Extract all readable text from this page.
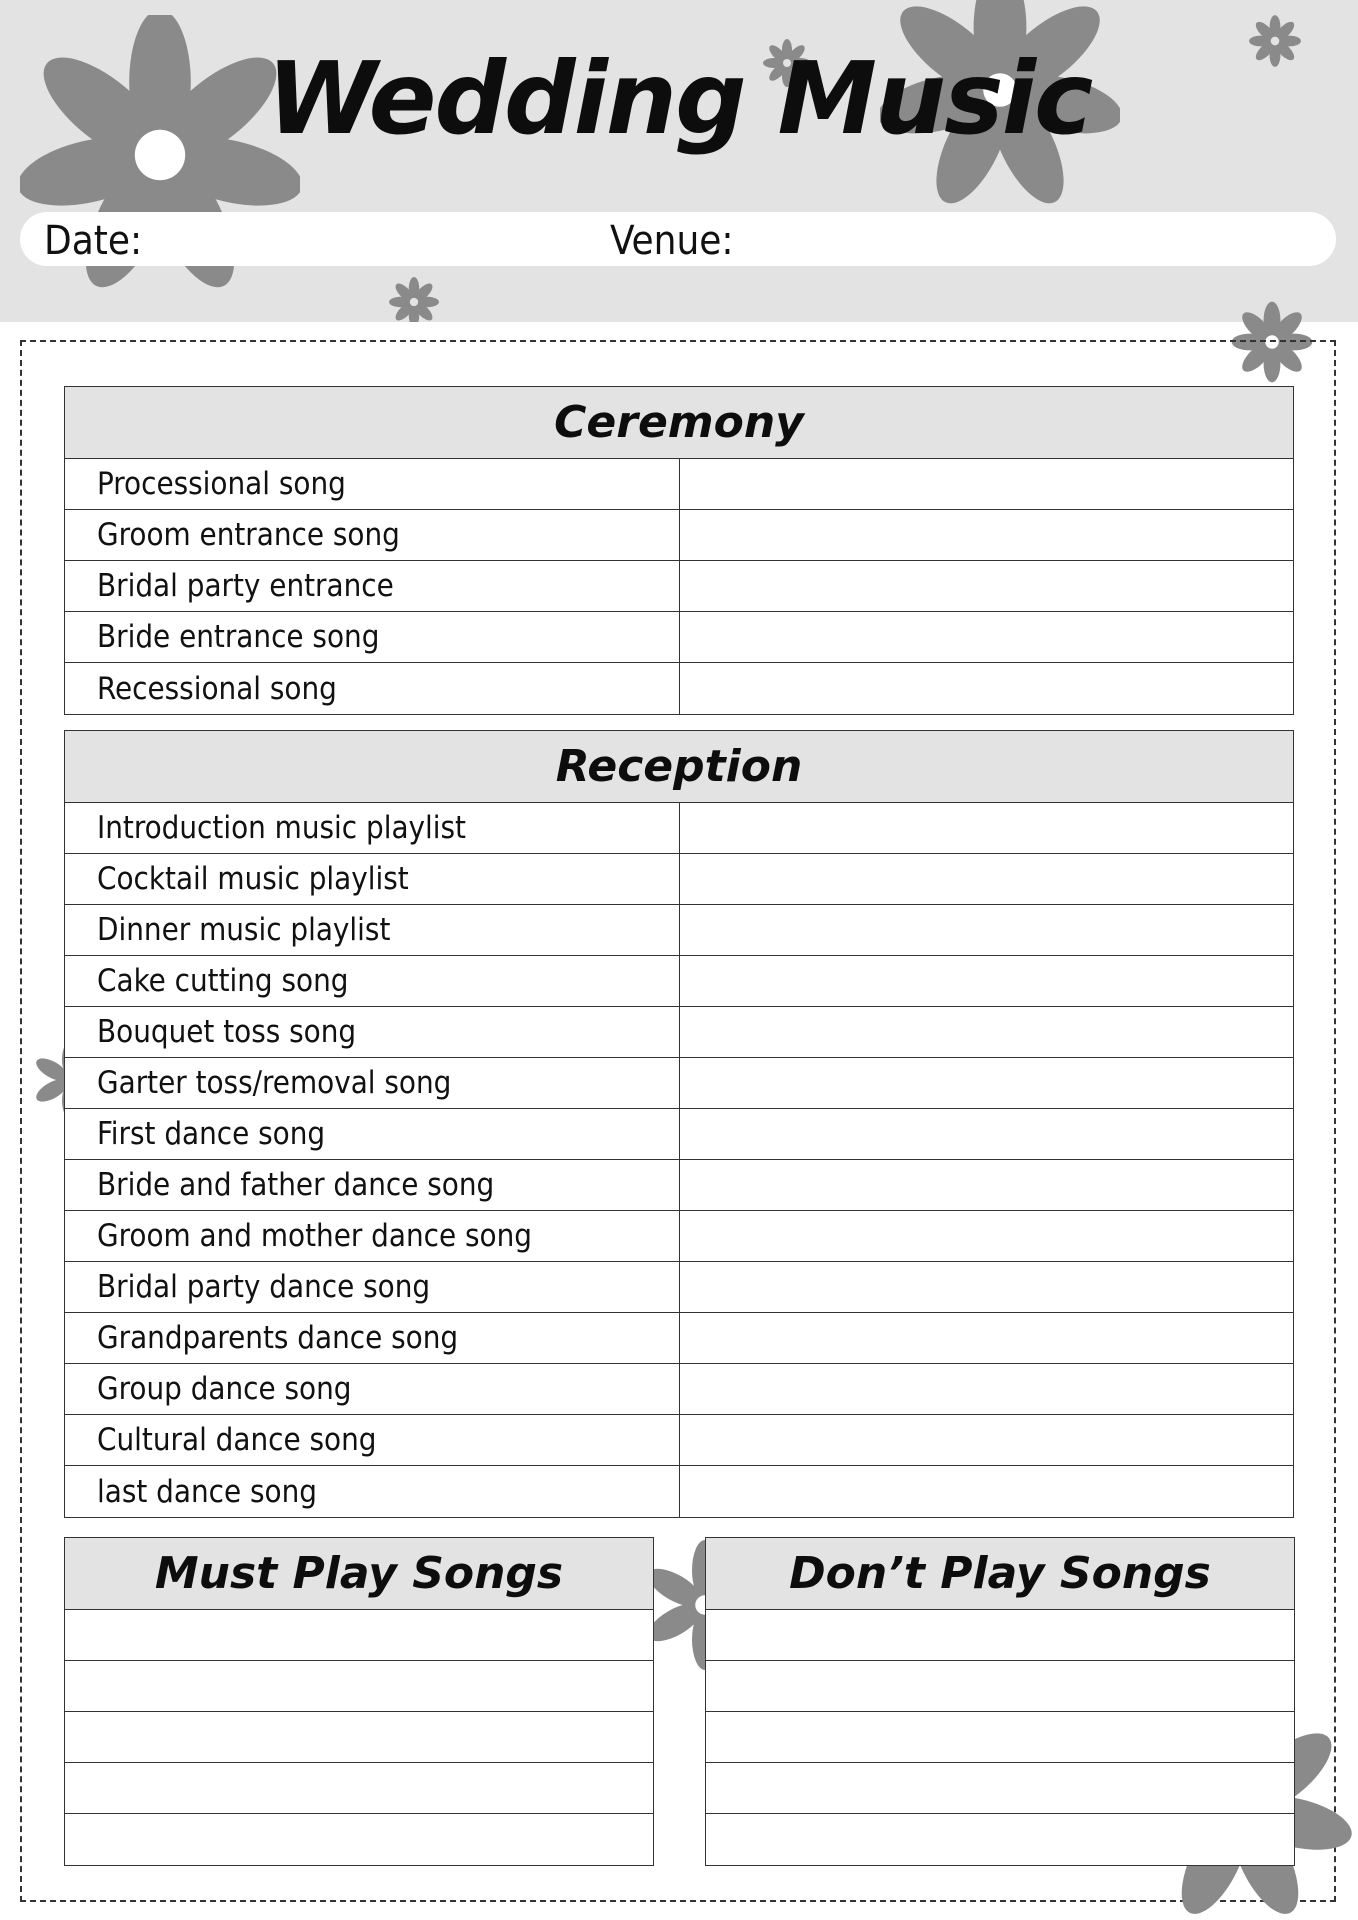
Wedding Music
Date:	Venue:
Ceremony
Processional song
Groom entrance song
Bridal party entrance
Bride entrance song
Recessional song
Reception
Introduction music playlist
Cocktail music playlist
Dinner music playlist
Cake cutting song
Bouquet toss song
Garter toss/removal song
First dance song
Bride and father dance song
Groom and mother dance song
Bridal party dance song
Grandparents dance song
Group dance song
Cultural dance song
last dance song
Must Play Songs	Don’t Play Songs
